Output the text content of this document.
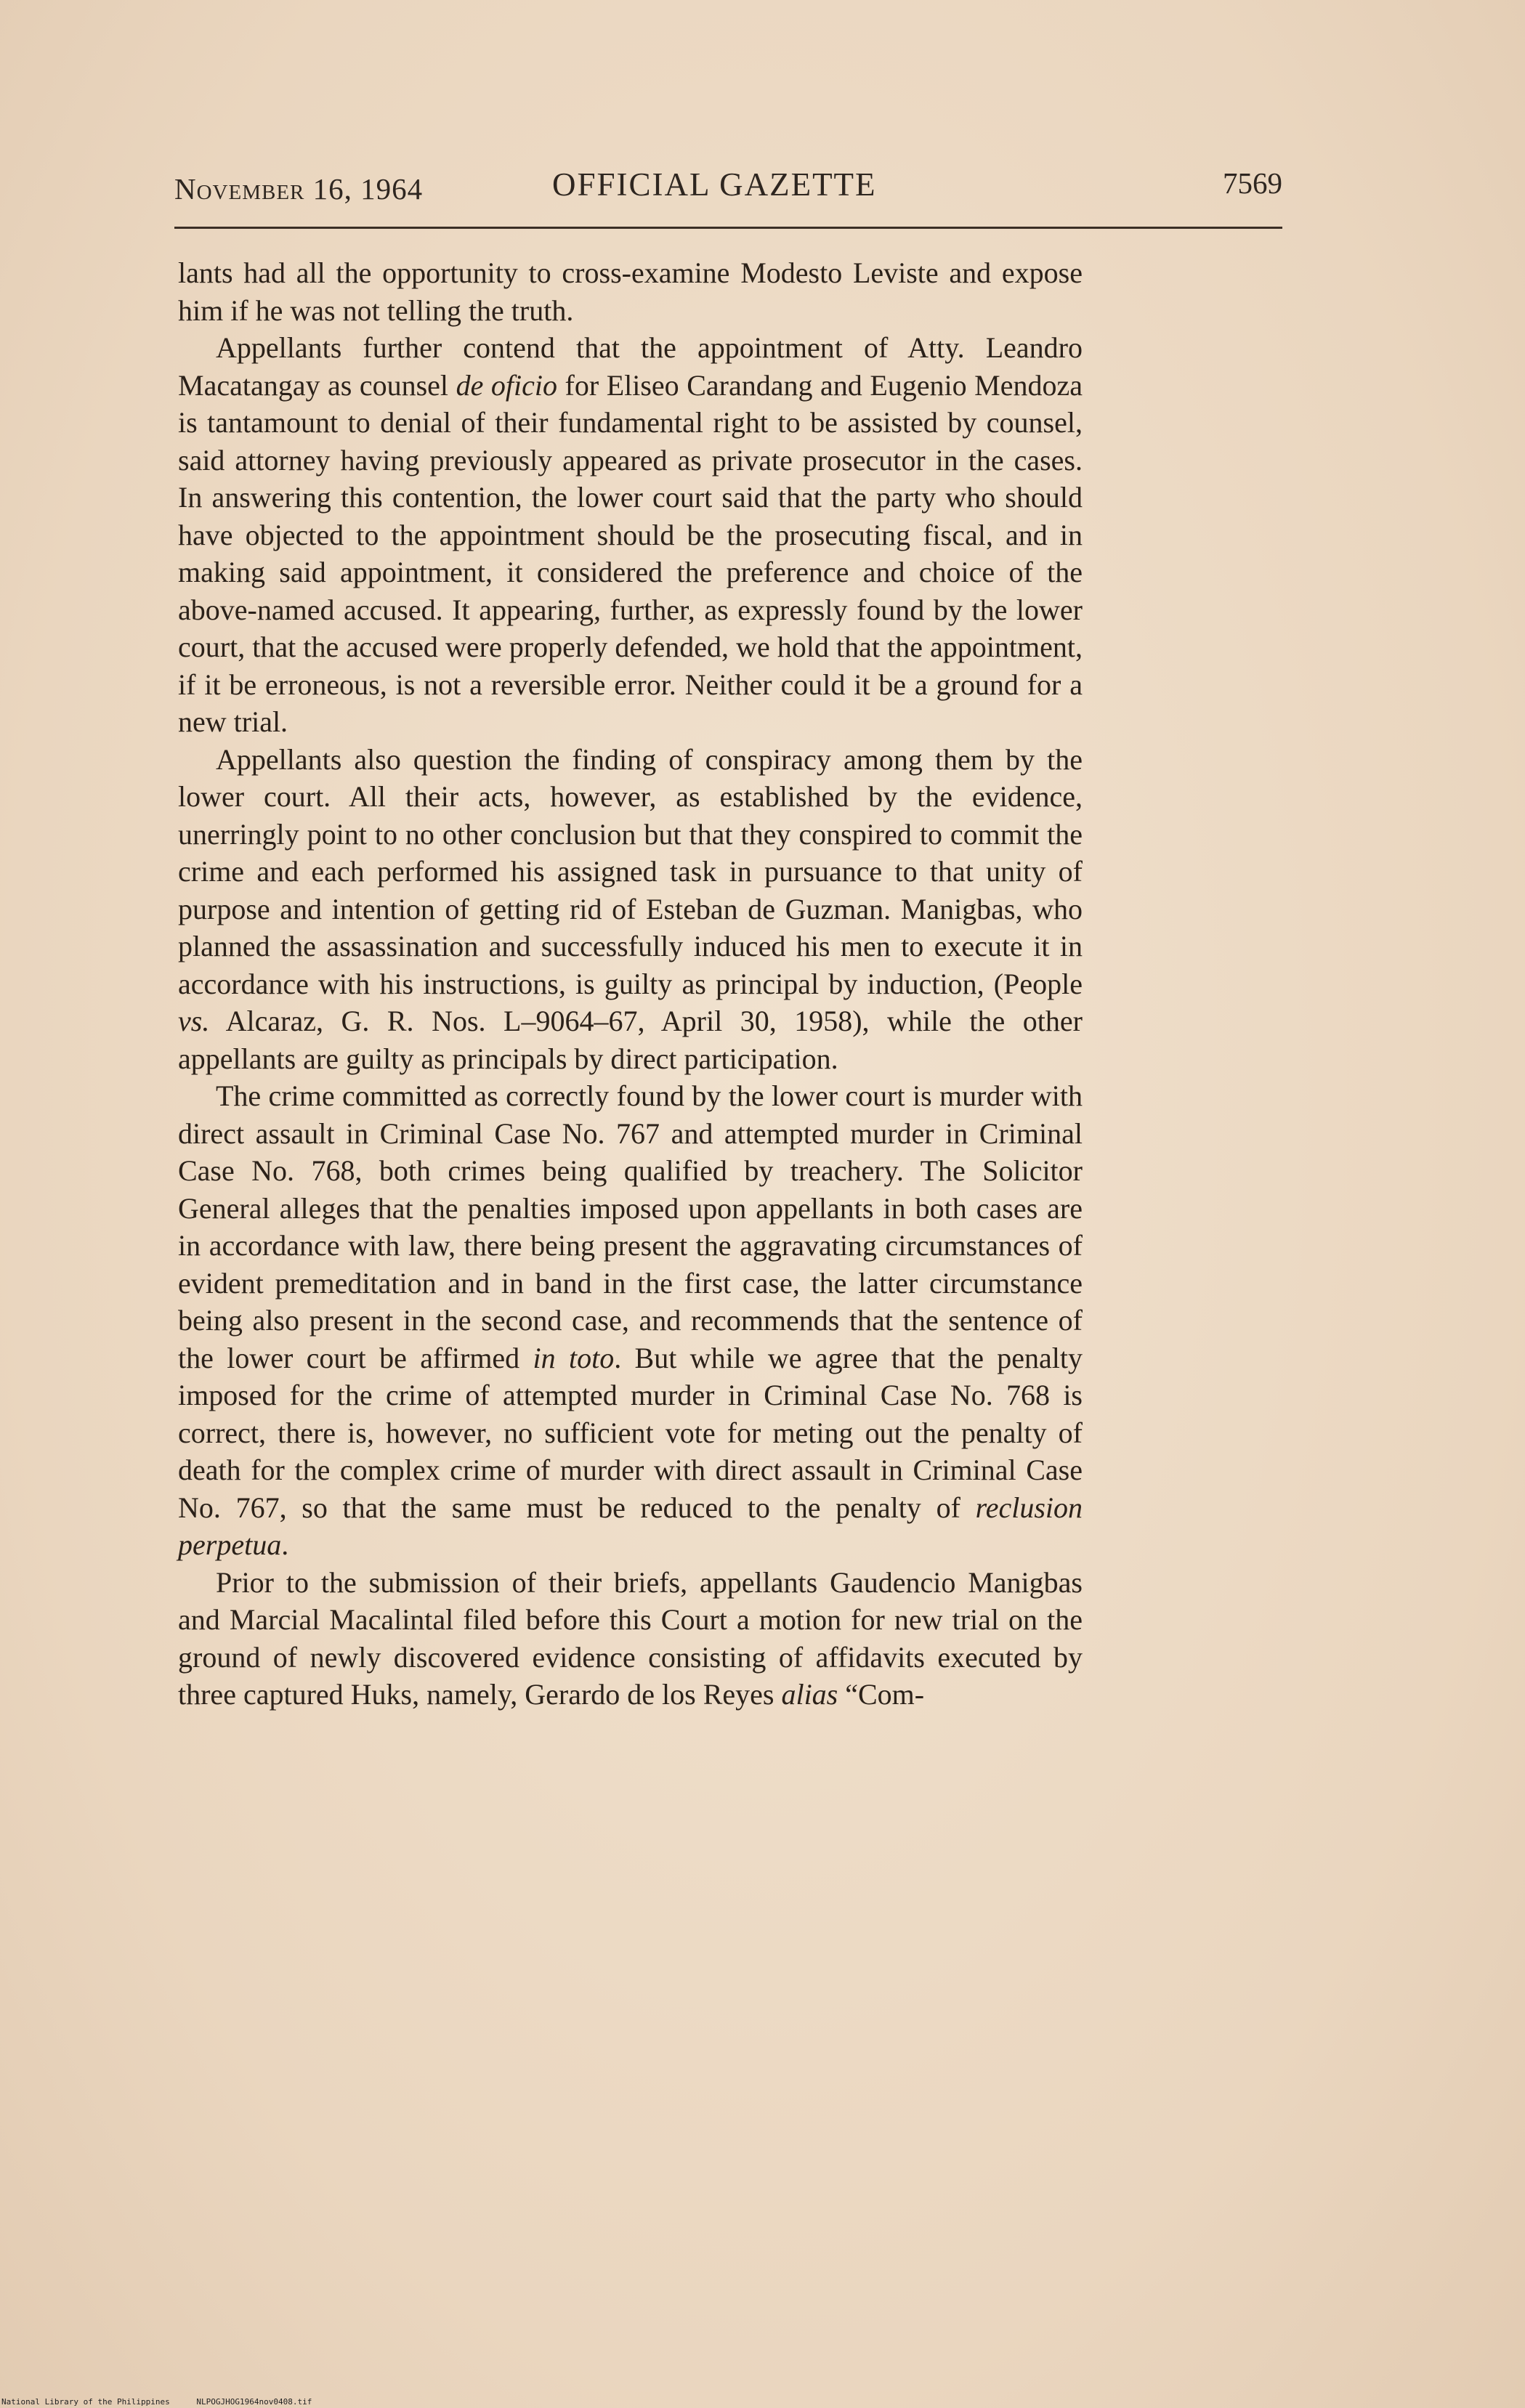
November 16, 1964	OFFICIAL GAZETTE	7569

lants had all the opportunity to cross-examine Modesto Leviste and expose him if he was not telling the truth.

Appellants further contend that the appointment of Atty. Leandro Macatangay as counsel de oficio for Eliseo Carandang and Eugenio Mendoza is tantamount to denial of their fundamental right to be assisted by counsel, said attorney having previously appeared as private prosecutor in the cases. In answering this contention, the lower court said that the party who should have objected to the appointment should be the prosecuting fiscal, and in making said appointment, it considered the preference and choice of the above-named accused. It appearing, further, as expressly found by the lower court, that the accused were properly defended, we hold that the appointment, if it be erroneous, is not a reversible error. Neither could it be a ground for a new trial.

Appellants also question the finding of conspiracy among them by the lower court. All their acts, however, as established by the evidence, unerringly point to no other conclusion but that they conspired to commit the crime and each performed his assigned task in pursuance to that unity of purpose and intention of getting rid of Esteban de Guzman. Manigbas, who planned the assassination and successfully induced his men to execute it in accordance with his instructions, is guilty as principal by induction, (People vs. Alcaraz, G. R. Nos. L–9064–67, April 30, 1958), while the other appellants are guilty as principals by direct participation.

The crime committed as correctly found by the lower court is murder with direct assault in Criminal Case No. 767 and attempted murder in Criminal Case No. 768, both crimes being qualified by treachery. The Solicitor General alleges that the penalties imposed upon appellants in both cases are in accordance with law, there being present the aggravating circumstances of evident premeditation and in band in the first case, the latter circumstance being also present in the second case, and recommends that the sentence of the lower court be affirmed in toto. But while we agree that the penalty imposed for the crime of attempted murder in Criminal Case No. 768 is correct, there is, however, no sufficient vote for meting out the penalty of death for the complex crime of murder with direct assault in Criminal Case No. 767, so that the same must be reduced to the penalty of reclusion perpetua.

Prior to the submission of their briefs, appellants Gaudencio Manigbas and Marcial Macalintal filed before this Court a motion for new trial on the ground of newly discovered evidence consisting of affidavits executed by three captured Huks, namely, Gerardo de los Reyes alias “Com-

National Library of the Philippines	NLPOGJHOG1964nov0408.tif
